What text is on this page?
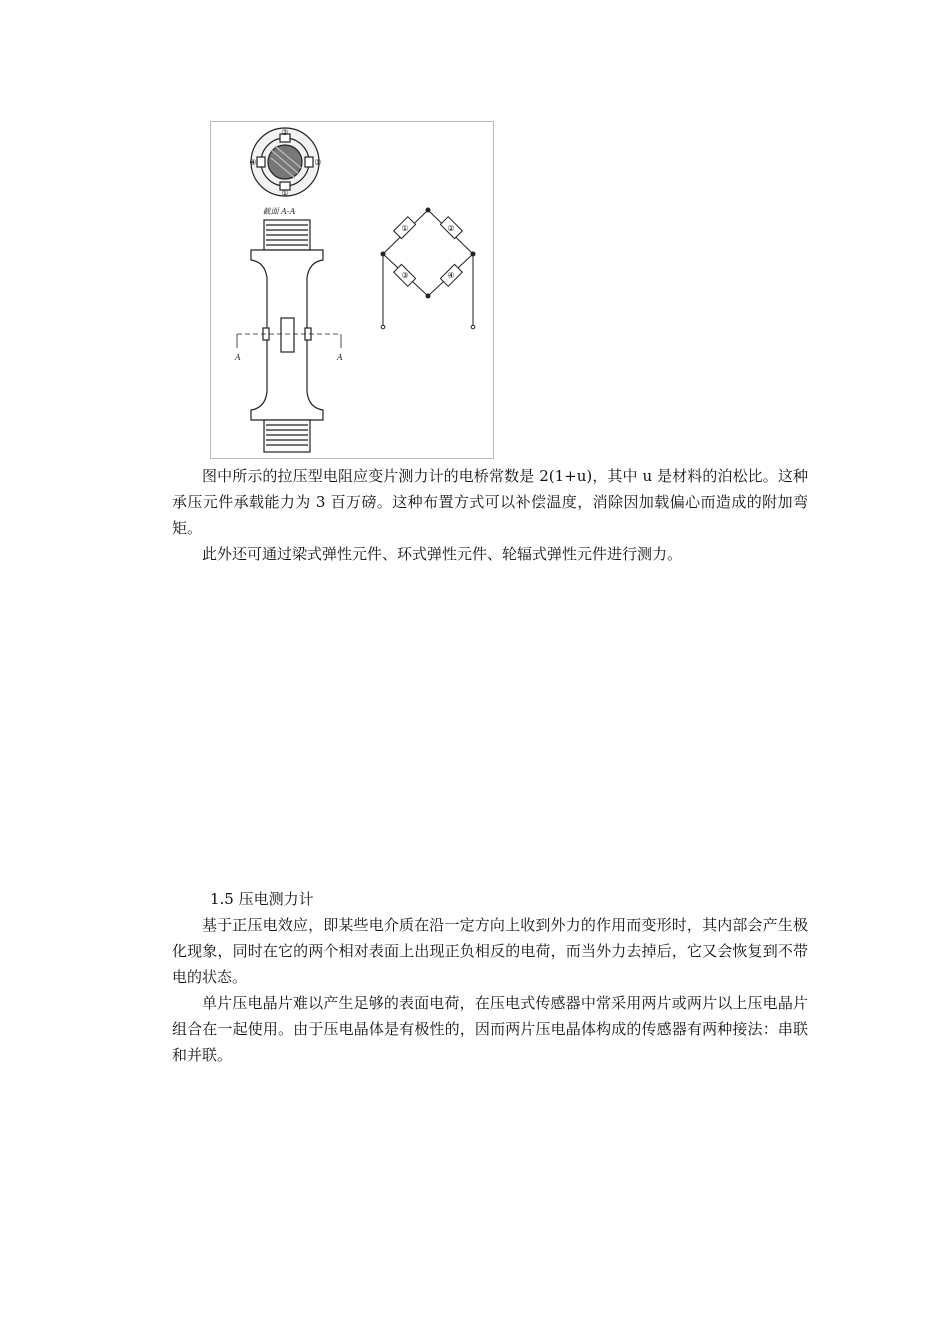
②
①
④	③
截面 A-A
A	A
①	②
③	④

图中所示的拉压型电阻应变片测力计的电桥常数是 2(1+u)，其中 u 是材料的泊松比。这种承压元件承载能力为 3 百万磅。这种布置方式可以补偿温度，消除因加载偏心而造成的附加弯矩。

此外还可通过梁式弹性元件、环式弹性元件、轮辐式弹性元件进行测力。

1.5 压电测力计

基于正压电效应，即某些电介质在沿一定方向上收到外力的作用而变形时，其内部会产生极化现象，同时在它的两个相对表面上出现正负相反的电荷，而当外力去掉后，它又会恢复到不带电的状态。

单片压电晶片难以产生足够的表面电荷，在压电式传感器中常采用两片或两片以上压电晶片组合在一起使用。由于压电晶体是有极性的，因而两片压电晶体构成的传感器有两种接法：串联和并联。
